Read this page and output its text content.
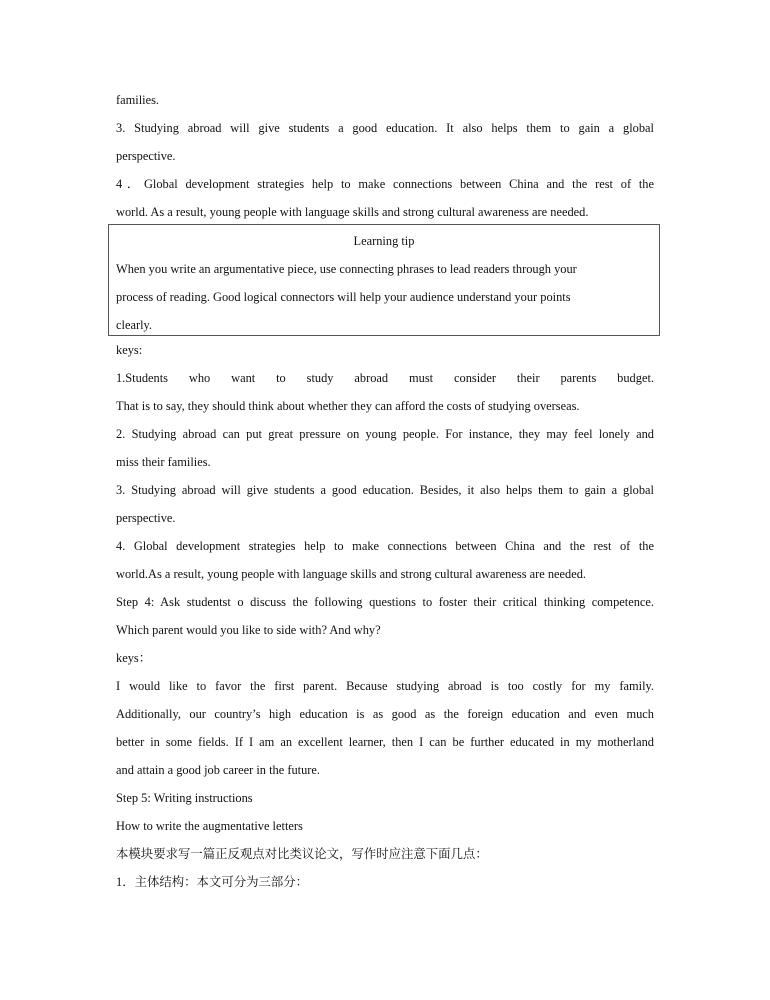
families.
3. Studying abroad will give students a good education. It also helps them to gain a global
perspective.
4．Global development strategies help to make connections between China and the rest of the
world. As a result, young people with language skills and strong cultural awareness are needed.
Learning tip
When you write an argumentative piece, use connecting phrases to lead readers through your
process of reading. Good logical connectors will help your audience understand your points
clearly.
keys:
1.Students who want to study abroad must consider their parents budget.
That is to say, they should think about whether they can afford the costs of studying overseas.
2. Studying abroad can put great pressure on young people. For instance, they may feel lonely and
miss their families.
3. Studying abroad will give students a good education. Besides, it also helps them to gain a global
perspective.
4. Global development strategies help to make connections between China and the rest of the
world.As a result, young people with language skills and strong cultural awareness are needed.
Step 4: Ask studentst o discuss the following questions to foster their critical thinking competence.
Which parent would you like to side with? And why?
keys：
I would like to favor the first parent. Because studying abroad is too costly for my family.
Additionally, our country’s high education is as good as the foreign education and even much
better in some fields. If I am an excellent learner, then I can be further educated in my motherland
and attain a good job career in the future.
Step 5: Writing instructions
How to write the augmentative letters
本模块要求写一篇正反观点对比类议论文，写作时应注意下面几点：
1．主体结构：本文可分为三部分：
